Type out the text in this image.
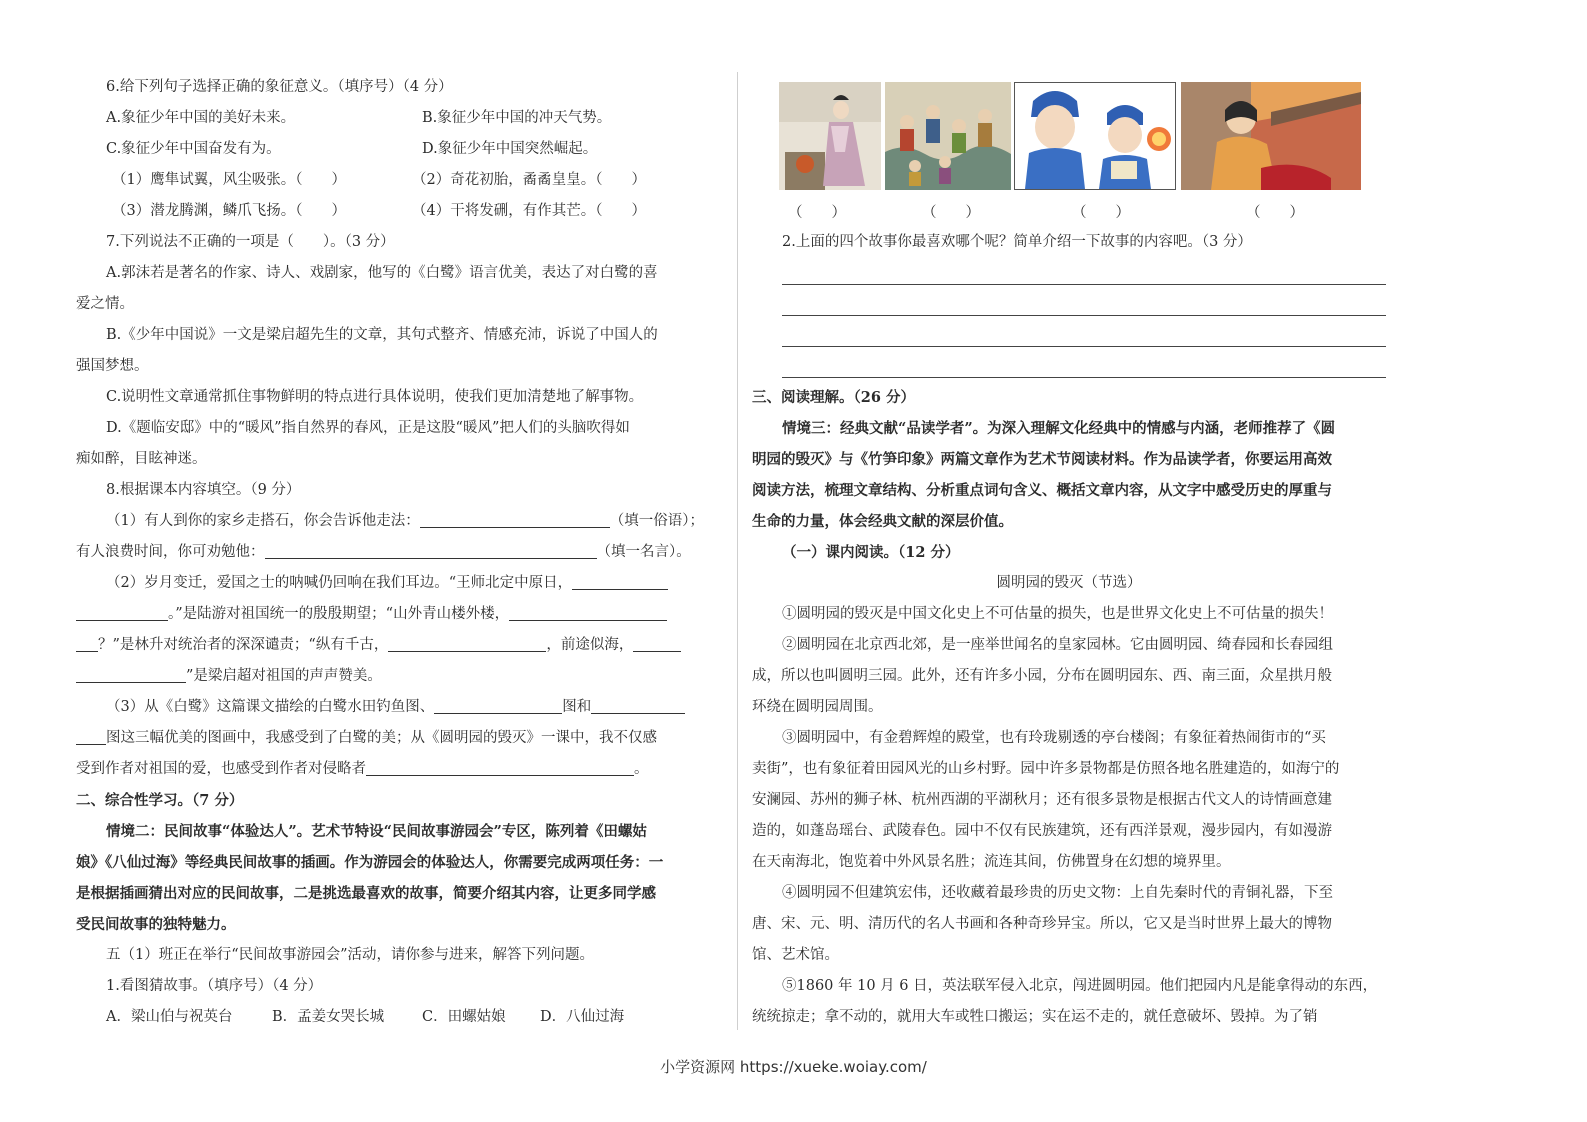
6.给下列句子选择正确的象征意义。（填序号）（4 分）
A.象征少年中国的美好未来。	B.象征少年中国的冲天气势。
C.象征少年中国奋发有为。	D.象征少年中国突然崛起。
（1）鹰隼试翼，风尘吸张。（　　）	（2）奇花初胎，矞矞皇皇。（　　）
（3）潜龙腾渊，鳞爪飞扬。（　　）	（4）干将发硎，有作其芒。（　　）
7.下列说法不正确的一项是（　　）。（3 分）
A.郭沫若是著名的作家、诗人、戏剧家，他写的《白鹭》语言优美，表达了对白鹭的喜
爱之情。
B.《少年中国说》一文是梁启超先生的文章，其句式整齐、情感充沛，诉说了中国人的
强国梦想。
C.说明性文章通常抓住事物鲜明的特点进行具体说明，使我们更加清楚地了解事物。
D.《题临安邸》中的“暖风”指自然界的春风，正是这股“暖风”把人们的头脑吹得如
痴如醉，目眩神迷。
8.根据课本内容填空。（9 分）
（1）有人到你的家乡走搭石，你会告诉他走法：	（填一俗语）；
有人浪费时间，你可劝勉他：	（填一名言）。
（2）岁月变迁，爱国之士的呐喊仍回响在我们耳边。“王师北定中原日，
。”是陆游对祖国统一的殷殷期望；“山外青山楼外楼，
？”是林升对统治者的深深谴责；“纵有千古，	，前途似海，
”是梁启超对祖国的声声赞美。
（3）从《白鹭》这篇课文描绘的白鹭水田钓鱼图、	图和
图这三幅优美的图画中，我感受到了白鹭的美；从《圆明园的毁灭》一课中，我不仅感
受到作者对祖国的爱，也感受到作者对侵略者	。
二、综合性学习。（7 分）
情境二：民间故事“体验达人”。艺术节特设“民间故事游园会”专区，陈列着《田螺姑
娘》《八仙过海》等经典民间故事的插画。作为游园会的体验达人，你需要完成两项任务：一
是根据插画猜出对应的民间故事，二是挑选最喜欢的故事，简要介绍其内容，让更多同学感
受民间故事的独特魅力。
五（1）班正在举行“民间故事游园会”活动，请你参与进来，解答下列问题。
1.看图猜故事。（填序号）（4 分）
A．梁山伯与祝英台	B．孟姜女哭长城	C．田螺姑娘 D．八仙过海
（　　）	（　　）	（　　）	（　　）
2.上面的四个故事你最喜欢哪个呢？简单介绍一下故事的内容吧。（3 分）
三、阅读理解。（26 分）
情境三：经典文献“品读学者”。为深入理解文化经典中的情感与内涵，老师推荐了《圆
明园的毁灭》与《竹笋印象》两篇文章作为艺术节阅读材料。作为品读学者，你要运用高效
阅读方法，梳理文章结构、分析重点词句含义、概括文章内容，从文字中感受历史的厚重与
生命的力量，体会经典文献的深层价值。
（一）课内阅读。（12 分）
圆明园的毁灭（节选）
①圆明园的毁灭是中国文化史上不可估量的损失，也是世界文化史上不可估量的损失！
②圆明园在北京西北郊，是一座举世闻名的皇家园林。它由圆明园、绮春园和长春园组
成，所以也叫圆明三园。此外，还有许多小园，分布在圆明园东、西、南三面，众星拱月般
环绕在圆明园周围。
③圆明园中，有金碧辉煌的殿堂，也有玲珑剔透的亭台楼阁；有象征着热闹街市的“买
卖街”，也有象征着田园风光的山乡村野。园中许多景物都是仿照各地名胜建造的，如海宁的
安澜园、苏州的狮子林、杭州西湖的平湖秋月；还有很多景物是根据古代文人的诗情画意建
造的，如蓬岛瑶台、武陵春色。园中不仅有民族建筑，还有西洋景观，漫步园内，有如漫游
在天南海北，饱览着中外风景名胜；流连其间，仿佛置身在幻想的境界里。
④圆明园不但建筑宏伟，还收藏着最珍贵的历史文物：上自先秦时代的青铜礼器，下至
唐、宋、元、明、清历代的名人书画和各种奇珍异宝。所以，它又是当时世界上最大的博物
馆、艺术馆。
⑤1860 年 10 月 6 日，英法联军侵入北京，闯进圆明园。他们把园内凡是能拿得动的东西，
统统掠走；拿不动的，就用大车或牲口搬运；实在运不走的，就任意破坏、毁掉。为了销
小学资源网 https://xueke.woiay.com/
